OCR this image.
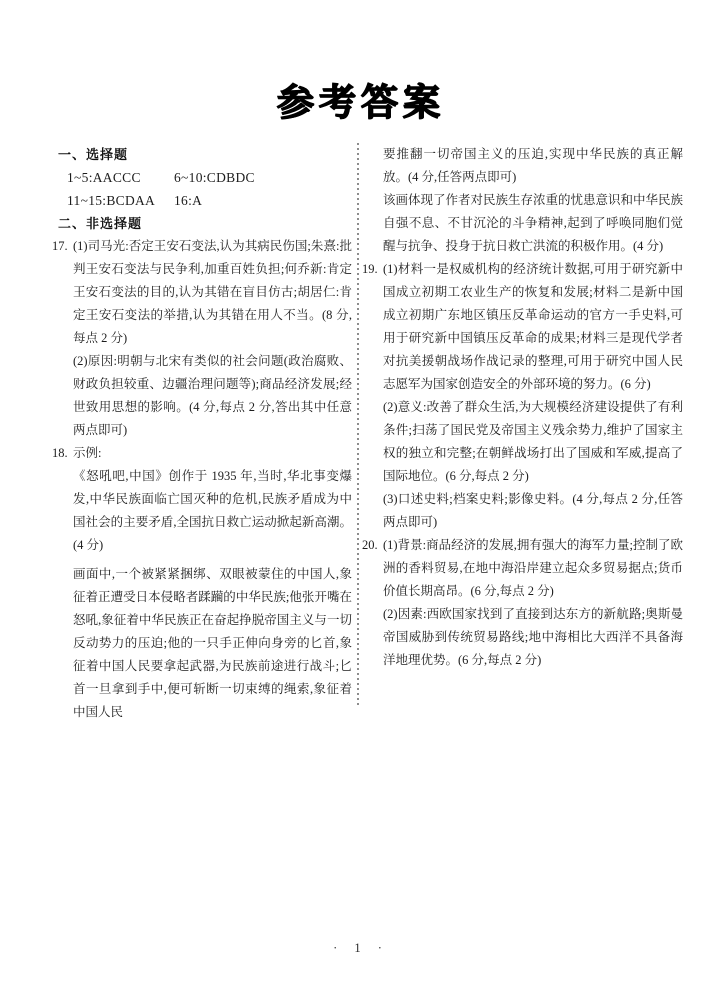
参考答案
一、选择题
1~5:AACCC 6~10:CDBDC
11~15:BCDAA 16:A
二、非选择题
17. (1)司马光:否定王安石变法,认为其病民伤国;朱熹:批判王安石变法与民争利,加重百姓负担;何乔新:肯定王安石变法的目的,认为其错在盲目仿古;胡居仁:肯定王安石变法的举措,认为其错在用人不当。(8 分,每点 2 分)
(2)原因:明朝与北宋有类似的社会问题(政治腐败、财政负担较重、边疆治理问题等);商品经济发展;经世致用思想的影响。(4 分,每点 2 分,答出其中任意两点即可)
18. 示例:
《怒吼吧,中国》创作于 1935 年,当时,华北事变爆发,中华民族面临亡国灭种的危机,民族矛盾成为中国社会的主要矛盾,全国抗日救亡运动掀起新高潮。(4 分)
画面中,一个被紧紧捆绑、双眼被蒙住的中国人,象征着正遭受日本侵略者蹂躏的中华民族;他张开嘴在怒吼,象征着中华民族正在奋起挣脱帝国主义与一切反动势力的压迫;他的一只手正伸向身旁的匕首,象征着中国人民要拿起武器,为民族前途进行战斗;匕首一旦拿到手中,便可斩断一切束缚的绳索,象征着中国人民
要推翻一切帝国主义的压迫,实现中华民族的真正解放。(4 分,任答两点即可)
该画体现了作者对民族生存浓重的忧患意识和中华民族自强不息、不甘沉沦的斗争精神,起到了呼唤同胞们觉醒与抗争、投身于抗日救亡洪流的积极作用。(4 分)
19. (1)材料一是权威机构的经济统计数据,可用于研究新中国成立初期工农业生产的恢复和发展;材料二是新中国成立初期广东地区镇压反革命运动的官方一手史料,可用于研究新中国镇压反革命的成果;材料三是现代学者对抗美援朝战场作战记录的整理,可用于研究中国人民志愿军为国家创造安全的外部环境的努力。(6 分)
(2)意义:改善了群众生活,为大规模经济建设提供了有利条件;扫荡了国民党及帝国主义残余势力,维护了国家主权的独立和完整;在朝鲜战场打出了国威和军威,提高了国际地位。(6 分,每点 2 分)
(3)口述史料;档案史料;影像史料。(4 分,每点 2 分,任答两点即可)
20. (1)背景:商品经济的发展,拥有强大的海军力量;控制了欧洲的香料贸易,在地中海沿岸建立起众多贸易据点;货币价值长期高昂。(6 分,每点 2 分)
(2)因素:西欧国家找到了直接到达东方的新航路;奥斯曼帝国威胁到传统贸易路线;地中海相比大西洋不具备海洋地理优势。(6 分,每点 2 分)
· 1 ·
